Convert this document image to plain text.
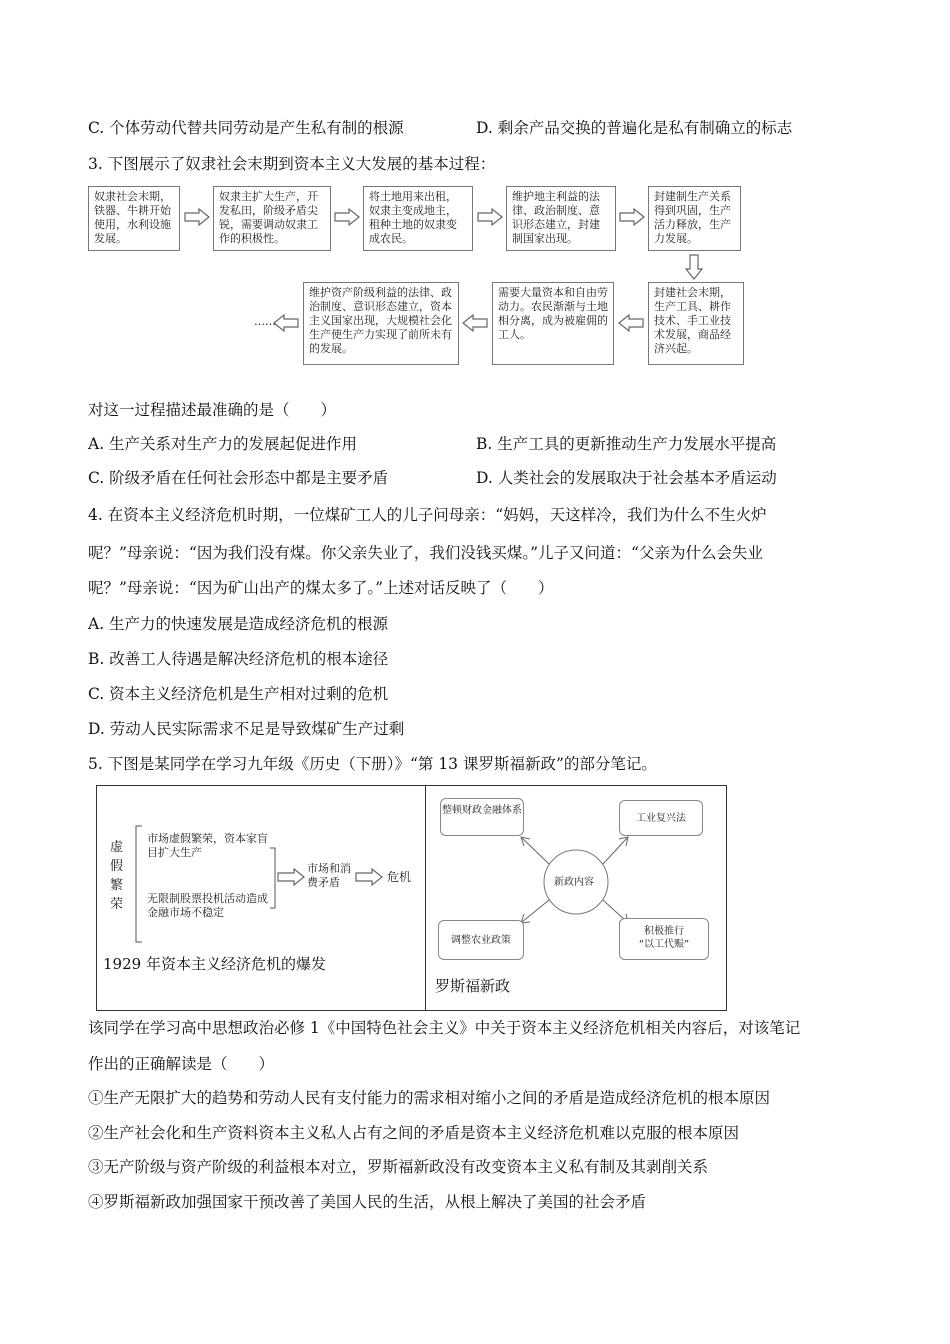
C. 个体劳动代替共同劳动是产生私有制的根源	D. 剩余产品交换的普遍化是私有制确立的标志
3. 下图展示了奴隶社会末期到资本主义大发展的基本过程：
奴隶社会末期，铁器、牛耕开始使用，水利设施发展。
奴隶主扩大生产，开发私田，阶级矛盾尖锐，需要调动奴隶工作的积极性。
将土地用来出租，奴隶主变成地主，租种土地的奴隶变成农民。
维护地主利益的法律、政治制度、意识形态建立，封建制国家出现。
封建制生产关系得到巩固，生产活力释放，生产力发展。
封建社会末期，生产工具、耕作技术、手工业技术发展，商品经济兴起。
需要大量资本和自由劳动力。农民渐渐与土地相分离，成为被雇佣的工人。
维护资产阶级利益的法律、政治制度、意识形态建立，资本主义国家出现，大规模社会化生产使生产力实现了前所未有的发展。
……
对这一过程描述最准确的是（　　）
A. 生产关系对生产力的发展起促进作用	B. 生产工具的更新推动生产力发展水平提高
C. 阶级矛盾在任何社会形态中都是主要矛盾	D. 人类社会的发展取决于社会基本矛盾运动
4. 在资本主义经济危机时期，一位煤矿工人的儿子问母亲：“妈妈，天这样冷，我们为什么不生火炉
呢？”母亲说：“因为我们没有煤。你父亲失业了，我们没钱买煤。”儿子又问道：“父亲为什么会失业
呢？”母亲说：“因为矿山出产的煤太多了。”上述对话反映了（　　）
A. 生产力的快速发展是造成经济危机的根源
B. 改善工人待遇是解决经济危机的根本途径
C. 资本主义经济危机是生产相对过剩的危机
D. 劳动人民实际需求不足是导致煤矿生产过剩
5. 下图是某同学在学习九年级《历史（下册）》“第 13 课罗斯福新政”的部分笔记。
虚假繁荣
市场虚假繁荣，资本家盲目扩大生产
无限制股票投机活动造成金融市场不稳定
市场和消费矛盾	危机
1929 年资本主义经济危机的爆发
新政内容
整顿财政金融体系
工业复兴法
调整农业政策
积极推行
“以工代赈”
罗斯福新政
该同学在学习高中思想政治必修 1《中国特色社会主义》中关于资本主义经济危机相关内容后，对该笔记
作出的正确解读是（　　）
①生产无限扩大的趋势和劳动人民有支付能力的需求相对缩小之间的矛盾是造成经济危机的根本原因
②生产社会化和生产资料资本主义私人占有之间的矛盾是资本主义经济危机难以克服的根本原因
③无产阶级与资产阶级的利益根本对立，罗斯福新政没有改变资本主义私有制及其剥削关系
④罗斯福新政加强国家干预改善了美国人民的生活，从根上解决了美国的社会矛盾
